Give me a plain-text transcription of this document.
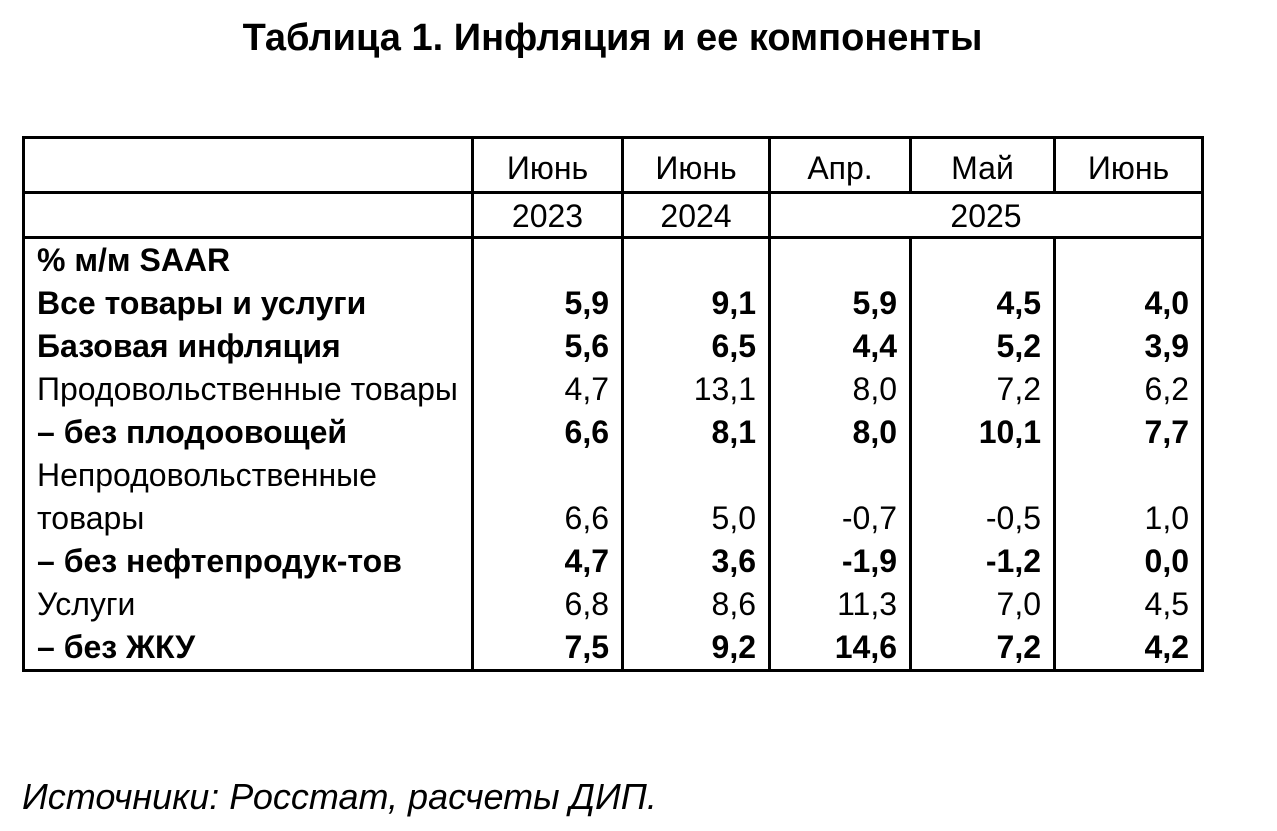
Таблица 1. Инфляция и ее компоненты
	Июнь	Июнь	Апр.	Май	Июнь
	2023	2024	2025		
% м/м SAAR					
Все товары и услуги	5,9	9,1	5,9	4,5	4,0
Базовая инфляция	5,6	6,5	4,4	5,2	3,9
Продовольственные товары	4,7	13,1	8,0	7,2	6,2
– без плодоовощей	6,6	8,1	8,0	10,1	7,7
Непродовольственные товары	6,6	5,0	-0,7	-0,5	1,0
– без нефтепродук-тов	4,7	3,6	-1,9	-1,2	0,0
Услуги	6,8	8,6	11,3	7,0	4,5
– без ЖКУ	7,5	9,2	14,6	7,2	4,2

Источники: Росстат, расчеты ДИП.
